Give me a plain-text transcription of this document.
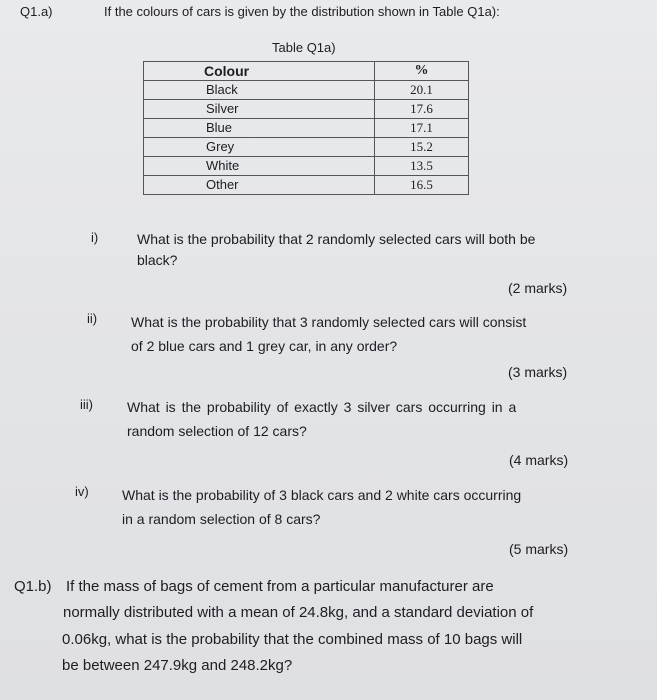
Q1.a)	If the colours of cars is given by the distribution shown in Table Q1a):
Table Q1a)
Colour	%
Black	20.1
Silver	17.6
Blue	17.1
Grey	15.2
White	13.5
Other	16.5
i)	What is the probability that 2 randomly selected cars will both be
black?
(2 marks)
ii) What is the probability that 3 randomly selected cars will consist
of 2 blue cars and 1 grey car, in any order?
(3 marks)
iii) What is the probability of exactly 3 silver cars occurring in a
random selection of 12 cars?
(4 marks)
iv) What is the probability of 3 black cars and 2 white cars occurring
in a random selection of 8 cars?
(5 marks)
Q1.b) If the mass of bags of cement from a particular manufacturer are
normally distributed with a mean of 24.8kg, and a standard deviation of
0.06kg, what is the probability that the combined mass of 10 bags will
be between 247.9kg and 248.2kg?
